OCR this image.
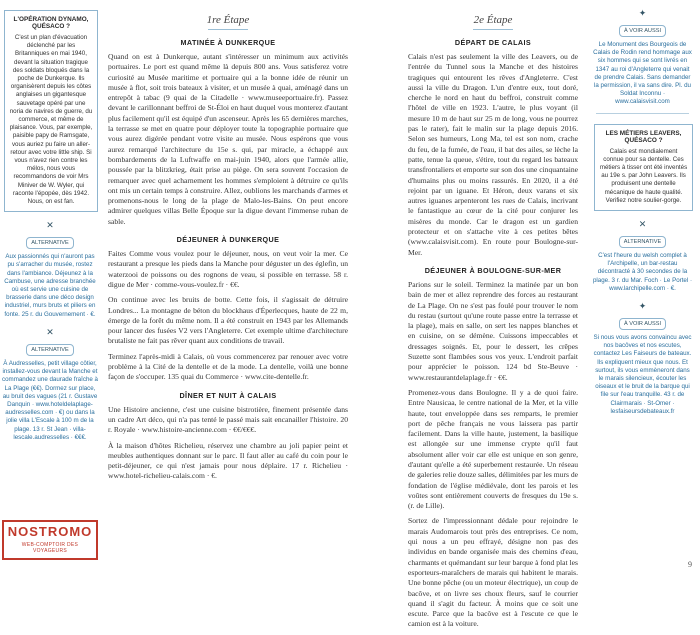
L'OPÉRATION DYNAMO, QUÉSACO ?
C'est un plan d'évacuation déclenché par les Britanniques en mai 1940, devant la situation tragique des soldats bloqués dans la poche de Dunkerque. Ils organisèrent depuis les côtes anglaises un gigantesque sauvetage opéré par une noria de navires de guerre, du commerce, et même de plaisance. Vous, par exemple, paisible papy de Ramsgate, vous auriez pu faire un aller-retour avec votre little ship. Si vous n'avez rien contre les mélos, nous vous recommandons de voir Mrs Miniver de W. Wyler, qui raconte l'épopée, dès 1942. Nous, on est fan.
✕
ALTERNATIVE
Aux passionnés qui n'auront pas pu s'arracher du musée, rostez dans l'ambiance. Déjeunez à la Cambuse, une adresse branchée où est servie une cuisine de brasserie dans une déco design industriel, murs bruts et piliers en fonte. 25 r. du Gouvernement · €.
✕
ALTERNATIVE
À Audresselles, petit village côtier, installez-vous devant la Manche et commandez une daurade fraîche à La Plage (€€). Dormez sur place, au bruit des vagues (21 r. Gustave Danquin · www.hoteldelaplage-audresselles.com · €) ou dans la jolie villa L'Escale à 100 m de la plage. 13 r. St Jean · villa-lescale.audresselles · €€€.
NOSTROMO
WEB-COMPTOIR DES VOYAGEURS
1re Étape
MATINÉE À DUNKERQUE

Quand on est à Dunkerque, autant s'intéresser un minimum aux activités portuaires. Le port est quand même là depuis 800 ans. Vous satisferez votre curiosité au Musée maritime et portuaire qui a la bonne idée de réunir un musée à flot, soit trois bateaux à visiter, et un musée à quai, aménagé dans un entrepôt à tabac (9 quai de la Citadelle · www.museeportuaire.fr). Passez devant le carillonnant beffroi de St-Éloi en haut duquel vous monterez d'autant plus facilement qu'il est équipé d'un ascenseur. Après les 65 dernières marches, la terrasse se met en quatre pour déployer toute la topographie portuaire que vous aurez digérée pendant votre visite au musée. Nous espérons que vous aurez remarqué l'architecture du 15e s. qui, par miracle, a échappé aux bombardements de la Luftwaffe en mai-juin 1940, alors que l'armée allie, poussée par la blitzkrieg, était prise au piège. On sera souvent l'occasion de remarquer avec quel acharnement les hommes s'emploient à détruire ce qu'ils ont mis un certain temps à construire. Allez, oublions les marchands d'armes et promenons-nous le long de la plage de Malo-les-Bains. On peut encore admirer quelques villas Belle Époque sur la digue devant l'immense ruban de sable.

DÉJEUNER À DUNKERQUE

Faites Comme vous voulez pour le déjeuner, nous, on veut voir la mer. Ce restaurant a presque les pieds dans la Manche pour déguster un des églefin, un waterzooi de poissons ou des rognons de veau, si possible en terrasse. 58 r. digue de Mer · comme-vous-voulez.fr · €€.

On continue avec les bruits de botte. Cette fois, il s'agissait de détruire Londres... La montagne de béton du blockhaus d'Éperlecques, haute de 22 m, émerge de la forêt du même nom. Il a été construit en 1943 par les Allemands pour lancer des fusées V2 vers l'Angleterre. Cet exemple ultime d'architecture brutaliste ne fait pas rêver quant aux conditions de travail.

Terminez l'après-midi à Calais, où vous commencerez par renouer avec votre problème à la Cité de la dentelle et de la mode. La dentelle, voilà une bonne façon de s'occuper. 135 quai du Commerce · www.cite-dentelle.fr.

DÎNER ET NUIT À CALAIS

Une Histoire ancienne, c'est une cuisine bistrotière, finement présentée dans un cadre Art déco, qui n'a pas tenté le passé mais sait encanailler l'histoire. 20 r. Royale · www.histoire-ancienne.com · €€/€€€.

À la maison d'hôtes Richelieu, réservez une chambre au joli papier peint et meubles authentiques donnant sur le parc. Il faut aller au café du coin pour le petit-déjeuner, ce qui n'est jamais pour nous déplaire. 17 r. Richelieu · www.hotel-richelieu-calais.com · €.

2e Étape
DÉPART DE CALAIS

Calais n'est pas seulement la ville des Leavers, ou de l'entrée du Tunnel sous la Manche et des histoires tragiques qui entourent les rêves d'Angleterre. C'est aussi la ville du Dragon. L'un d'entre eux, tout doré, cherche le nord en haut du beffroi, construit comme l'hôtel de ville en 1923. L'autre, le plus voyant (il mesure 10 m de haut sur 25 m de long, vous ne pourrez pas le rater), fait le malin sur la plage depuis 2016. Selon ses humeurs, Long Ma, tel est son nom, crache du feu, de la fumée, de l'eau, il bat des ailes, se lèche la patte, tenue la queue, s'étire, tout du regard les bateaux transfrontaliers et emporte sur son dos une cinquantaine d'humains plus ou moins rassurés. En 2020, il a été rejoint par un iguane. Et Héron, deux varans et six autres iguanes arpenteront les rues de Calais, incrivant le fantastique au cœur de la cité pour conjurer les misères du monde. Car le dragon est un gardien protecteur et on s'attache vite à ces petites bêtes (www.calaisvisit.com). En route pour Boulogne-sur-Mer.

DÉJEUNER À BOULOGNE-SUR-MER

Parions sur le soleil. Terminez la matinée par un bon bain de mer et allez reprendre des forces au restaurant de La Plage. On ne s'est pas foulé pour trouver le nom du restau (surtout qu'une route passe entre la terrasse et la plage), mais en salle, on sert les nappes blanches et en cuisine, on se démène. Cuissons impeccables et dressages soignés. Et, pour le dessert, les crêpes Suzette sont flambées sous vos yeux. L'endroit parfait pour apprécier le poisson. 124 bd Ste-Beuve · www.restaurantdelaplage.fr · €€.

Promenez-vous dans Boulogne. Il y a de quoi faire. Entre Nausicaa, le centre national de la Mer, et la ville haute, tout enveloppée dans ses remparts, le premier port de pêche français ne vous laissera pas partir facilement. Dans la ville haute, justement, la basilique est allongée sur une immense crypte qu'il faut absolument aller voir car elle est unique en son genre, d'autant qu'elle a été superbement restaurée. Un réseau de galeries relie douze salles, délimitées par les murs de fondation de l'église médiévale, dont les parois et les voûtes sont entièrement couverts de fresques du 19e s. (r. de Lille).

Sortez de l'impressionnant dédale pour rejoindre le marais Audomarois tout près des entreprises. Ce nom, qui nous a un peu effrayé, désigne non pas des individus en bande organisée mais des chemins d'eau, charmants et quémandant sur leur barque à fond plat les esporteurs-maraîchers de marais qui habitent le marais. Une bonne pêche (ou un moteur électrique), un coup de bacôve, et on livre ses choux fleurs, sauf le courrier quand il s'agit du facteur. À moins que ce soit une escute. Parce que la bacôve est à l'escute ce que le camion est à la voiture.

✦
À VOIR AUSSI
Le Monument des Bourgeois de Calais de Rodin rend hommage aux six hommes qui se sont livrés en 1347 au roi d'Angleterre qui venait de prendre Calais. Sans demander la permission, il va sans dire. Pl. du Soldat Inconnu · www.calaisvisit.com
LES MÉTIERS LEAVERS, QUÉSACO ?
Calais est mondialement connue pour sa dentelle. Ces métiers à tisser ont été inventés au 19e s. par John Leavers. Ils produisent une dentelle mécanique de haute qualité. Verifiez notre soulier-gorge.
✕
ALTERNATIVE
C'est l'heure du welsh complet à l'Archipelle, un bar-restau décontracté à 30 secondes de la plage. 3 r. du Mar. Foch · Le Portel · www.larchipelle.com · €.
✦
À VOIR AUSSI
Si nous vous avons convaincu avec nos bacôves et nos escutes, contactez Les Faiseurs de bateaux. Ils expliquent mieux que nous. Et surtout, ils vous emmèneront dans le marais silencieux, écouter les oiseaux et le bruit de la barque qui file sur l'eau tranquille. 43 r. de Clairmarais · St-Omer · lesfaiseursdebateaux.fr
9
